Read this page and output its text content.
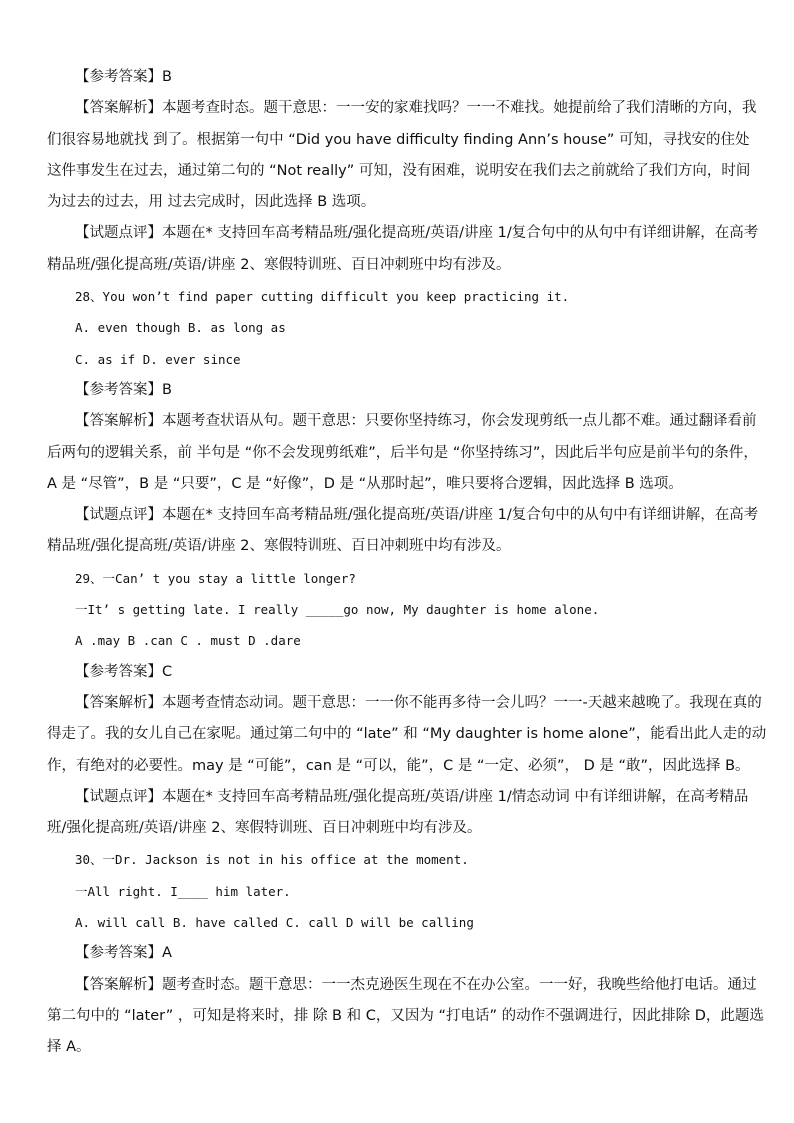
【参考答案】B
【答案解析】本题考查时态。题干意思：一一安的家难找吗？一一不难找。她提前给了我们清晰的方向，我
们很容易地就找 到了。根据第一句中 “Did you have difficulty finding Ann’s house” 可知，寻找安的住处
这件事发生在过去，通过第二句的 “Not really” 可知，没有困难，说明安在我们去之前就给了我们方向，时间
为过去的过去，用 过去完成时，因此选择 B 选项。
【试题点评】本题在* 支持回车高考精品班/强化提高班/英语/讲座 1/复合句中的从句中有详细讲解，在高考
精品班/强化提高班/英语/讲座 2、寒假特训班、百日冲刺班中均有涉及。
28、You won’t find paper cutting difficult you keep practicing it.
A. even though B. as long as
C. as if D. ever since
【参考答案】B
【答案解析】本题考查状语从句。题干意思：只要你坚持练习，你会发现剪纸一点儿都不难。通过翻译看前
后两句的逻辑关系，前 半句是 “你不会发现剪纸难”，后半句是 “你坚持练习”，因此后半句应是前半句的条件，
A 是 “尽管”，B 是 “只要”，C 是 “好像”，D 是 “从那时起”，唯只要将合逻辑，因此选择 B 选项。
【试题点评】本题在* 支持回车高考精品班/强化提高班/英语/讲座 1/复合句中的从句中有详细讲解，在高考
精品班/强化提高班/英语/讲座 2、寒假特训班、百日冲刺班中均有涉及。
29、一Can’ t you stay a little longer?
一It’ s getting late. I really _____go now, My daughter is home alone.
A .may B .can C . must D .dare
【参考答案】C
【答案解析】本题考查情态动词。题干意思：一一你不能再多待一会儿吗？一一-天越来越晚了。我现在真的
得走了。我的女儿自己在家呢。通过第二句中的 “late” 和 “My daughter is home alone”，能看出此人走的动
作，有绝对的必要性。may 是 “可能”，can 是 “可以，能”，C 是 “一定、必须”， D 是 “敢”，因此选择 B。
【试题点评】本题在* 支持回车高考精品班/强化提高班/英语/讲座 1/情态动词 中有详细讲解，在高考精品
班/强化提高班/英语/讲座 2、寒假特训班、百日冲刺班中均有涉及。
30、一Dr. Jackson is not in his office at the moment.
一All right. I____ him later.
A. will call B. have called C. call D will be calling
【参考答案】A
【答案解析】题考查时态。题干意思：一一杰克逊医生现在不在办公室。一一好，我晚些给他打电话。通过
第二句中的 “later” ，可知是将来时，排 除 B 和 C，又因为 “打电话” 的动作不强调进行，因此排除 D，此题选
择 A。
